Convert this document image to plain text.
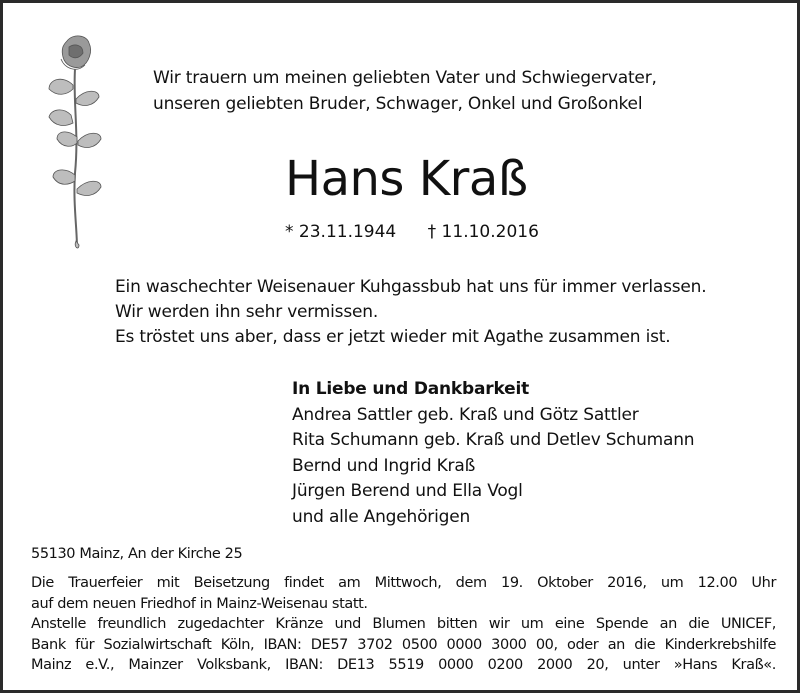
Wir trauern um meinen geliebten Vater und Schwiegervater,
unseren geliebten Bruder, Schwager, Onkel und Großonkel
Hans Kraß
* 23.11.1944 † 11.10.2016
Ein waschechter Weisenauer Kuhgassbub hat uns für immer verlassen.
Wir werden ihn sehr vermissen.
Es tröstet uns aber, dass er jetzt wieder mit Agathe zusammen ist.
In Liebe und Dankbarkeit
Andrea Sattler geb. Kraß und Götz Sattler
Rita Schumann geb. Kraß und Detlev Schumann
Bernd und Ingrid Kraß
Jürgen Berend und Ella Vogl
und alle Angehörigen
55130 Mainz, An der Kirche 25
Die Trauerfeier mit Beisetzung findet am Mittwoch, dem 19. Oktober 2016, um 12.00 Uhr
auf dem neuen Friedhof in Mainz-Weisenau statt.
Anstelle freundlich zugedachter Kränze und Blumen bitten wir um eine Spende an die UNICEF,
Bank für Sozialwirtschaft Köln, IBAN: DE57 3702 0500 0000 3000 00, oder an die Kinderkrebshilfe
Mainz e.V., Mainzer Volksbank, IBAN: DE13 5519 0000 0200 2000 20, unter »Hans Kraß«.
